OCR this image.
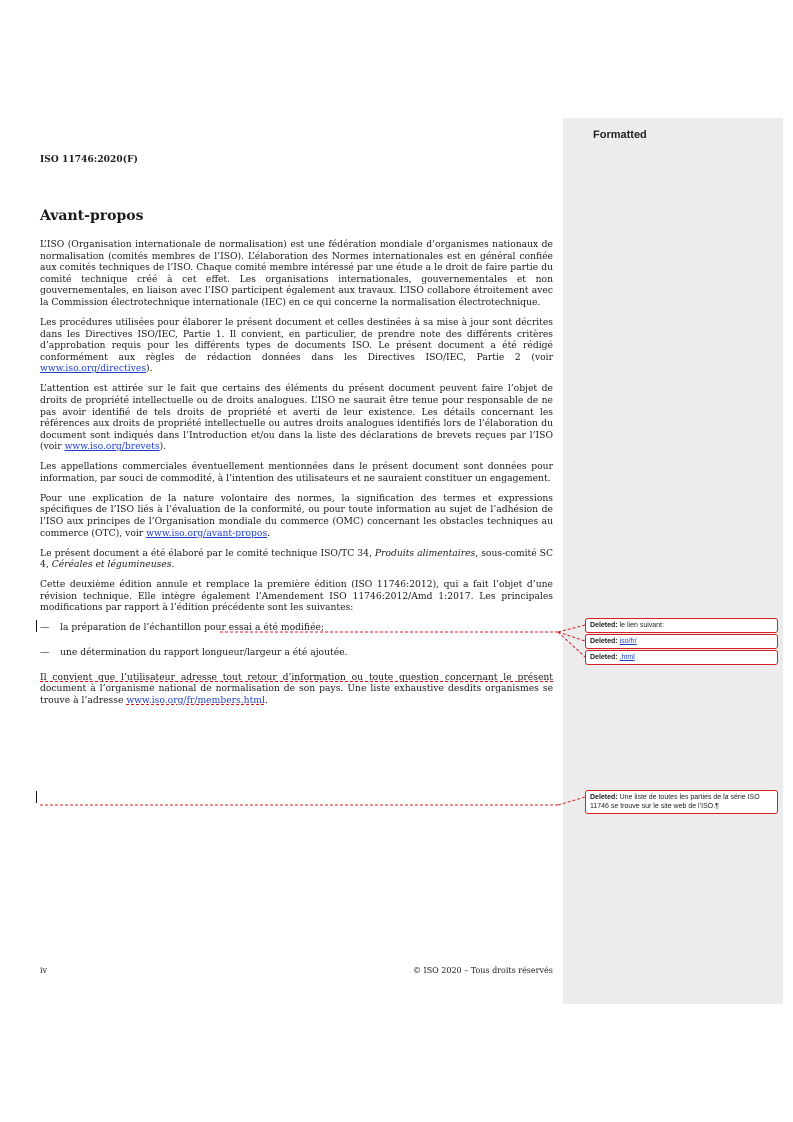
Formatted
ISO 11746:2020(F)
Avant-propos

L’ISO (Organisation internationale de normalisation) est une fédération mondiale d’organismes nationaux de normalisation (comités membres de l’ISO). L’élaboration des Normes internationales est en général confiée aux comités techniques de l’ISO. Chaque comité membre intéressé par une étude a le droit de faire partie du comité technique créé à cet effet. Les organisations internationales, gouvernementales et non gouvernementales, en liaison avec l’ISO participent également aux travaux. L’ISO collabore étroitement avec la Commission électrotechnique internationale (IEC) en ce qui concerne la normalisation électrotechnique.

Les procédures utilisées pour élaborer le présent document et celles destinées à sa mise à jour sont décrites dans les Directives ISO/IEC, Partie 1. Il convient, en particulier, de prendre note des différents critères d’approbation requis pour les différents types de documents ISO. Le présent document a été rédigé conformément aux règles de rédaction données dans les Directives ISO/IEC, Partie 2 (voir www.iso.org/directives).

L’attention est attirée sur le fait que certains des éléments du présent document peuvent faire l’objet de droits de propriété intellectuelle ou de droits analogues. L’ISO ne saurait être tenue pour responsable de ne pas avoir identifié de tels droits de propriété et averti de leur existence. Les détails concernant les références aux droits de propriété intellectuelle ou autres droits analogues identifiés lors de l’élaboration du document sont indiqués dans l’Introduction et/ou dans la liste des déclarations de brevets reçues par l’ISO (voir www.iso.org/brevets).

Les appellations commerciales éventuellement mentionnées dans le présent document sont données pour information, par souci de commodité, à l’intention des utilisateurs et ne sauraient constituer un engagement.

Pour une explication de la nature volontaire des normes, la signification des termes et expressions spécifiques de l’ISO liés à l’évaluation de la conformité, ou pour toute information au sujet de l’adhésion de l’ISO aux principes de l’Organisation mondiale du commerce (OMC) concernant les obstacles techniques au commerce (OTC), voir www.iso.org/avant-propos.

Le présent document a été élaboré par le comité technique ISO/TC 34, Produits alimentaires, sous-comité SC 4, Céréales et légumineuses.

Cette deuxième édition annule et remplace la première édition (ISO 11746:2012), qui a fait l’objet d’une révision technique. Elle intègre également l’Amendement ISO 11746:2012/Amd 1:2017. Les principales modifications par rapport à l’édition précédente sont les suivantes:

— la préparation de l’échantillon pour essai a été modifiée;

— une détermination du rapport longueur/largeur a été ajoutée.

Il convient que l’utilisateur adresse tout retour d’information ou toute question concernant le présent document à l’organisme national de normalisation de son pays. Une liste exhaustive desdits organismes se trouve à l’adresse www.iso.org/fr/members.html.

iv	© ISO 2020 – Tous droits réservés
Deleted: le lien suivant:
Deleted: iso/fr/
Deleted: .html
Deleted: Une liste de toutes les parties de la série ISO 11746 se trouve sur le site web de l’ISO.¶
